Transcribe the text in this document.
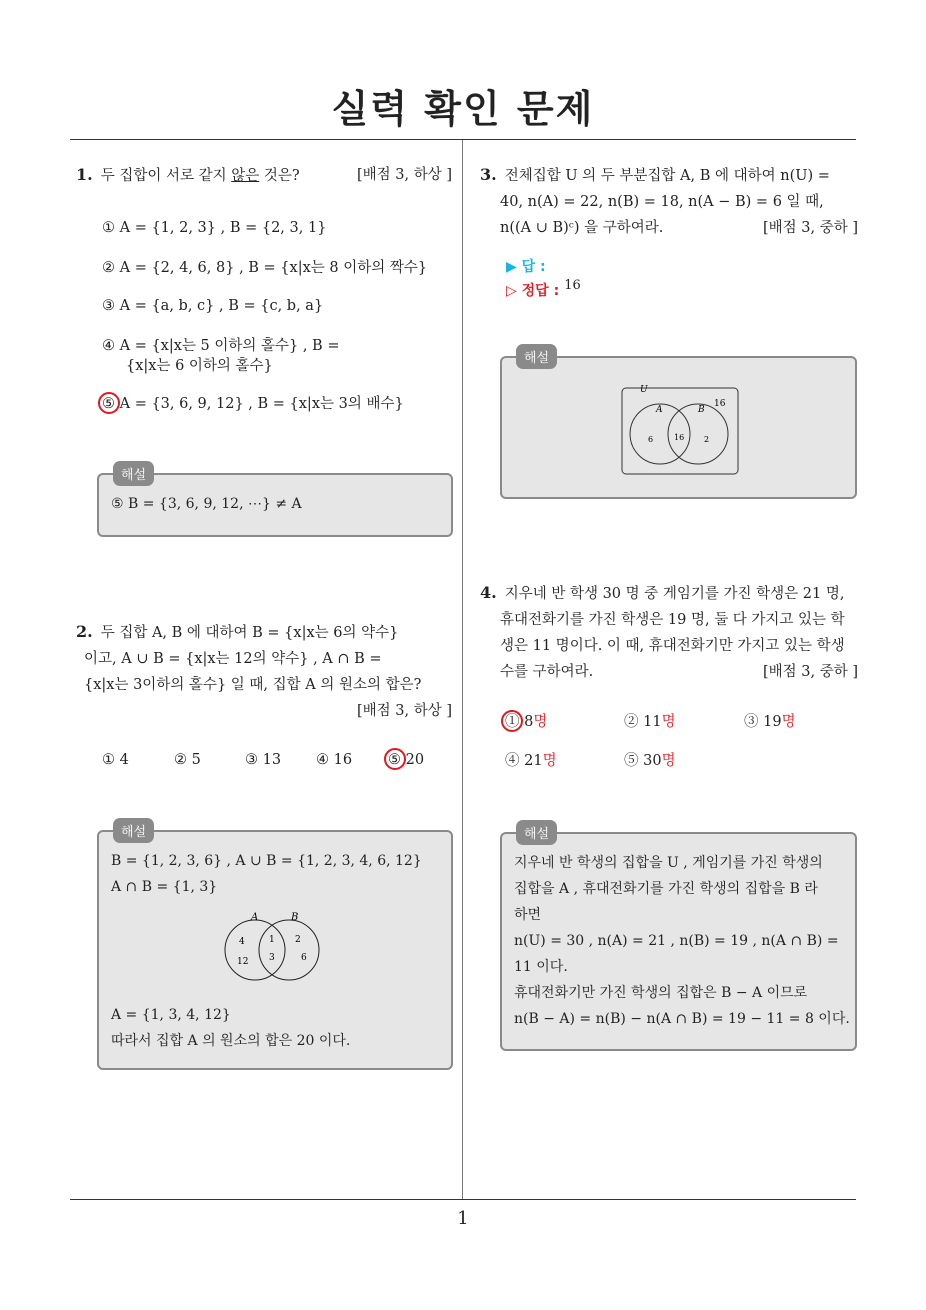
실력 확인 문제
1. 두 집합이 서로 같지 않은 것은?	[배점 3, 하상 ]
① A = {1, 2, 3} , B = {2, 3, 1}
② A = {2, 4, 6, 8} , B = {x|x는 8 이하의 짝수}
③ A = {a, b, c} , B = {c, b, a}
④ A = {x|x는 5 이하의 홀수} , B =
{x|x는 6 이하의 홀수}
⑤ A = {3, 6, 9, 12} , B = {x|x는 3의 배수}
해설
⑤ B = {3, 6, 9, 12, ⋯} ≠ A
2. 두 집합 A, B 에 대하여 B = {x|x는 6의 약수}
이고, A ∪ B = {x|x는 12의 약수} , A ∩ B =
{x|x는 3이하의 홀수} 일 때, 집합 A 의 원소의 합은?
[배점 3, 하상 ]
① 4	② 5	③ 13 ④ 16 ⑤ 20
해설
B = {1, 2, 3, 6} , A ∪ B = {1, 2, 3, 4, 6, 12}
A ∩ B = {1, 3}
A	B
4
12
1
3
2
6
A = {1, 3, 4, 12}
따라서 집합 A 의 원소의 합은 20 이다.
3. 전체집합 U 의 두 부분집합 A, B 에 대하여 n(U) =
40, n(A) = 22, n(B) = 18, n(A − B) = 6 일 때,
n((A ∪ B)ᶜ) 을 구하여라.	[배점 3, 중하 ]
▶ 답 :
▷ 정답 : $^{16}$
해설
U
16
A	B
6	16 2
4. 지우네 반 학생 30 명 중 게임기를 가진 학생은 21 명,
휴대전화기를 가진 학생은 19 명, 둘 다 가지고 있는 학
생은 11 명이다. 이 때, 휴대전화기만 가지고 있는 학생
수를 구하여라.	[배점 3, 중하 ]
① 8명	② 11명	③ 19명
④ 21명	⑤ 30명
해설
지우네 반 학생의 집합을 U , 게임기를 가진 학생의
집합을 A , 휴대전화기를 가진 학생의 집합을 B 라
하면
n(U) = 30 , n(A) = 21 , n(B) = 19 , n(A ∩ B) =
11 이다.
휴대전화기만 가진 학생의 집합은 B − A 이므로
n(B − A) = n(B) − n(A ∩ B) = 19 − 11 = 8 이다.
1
